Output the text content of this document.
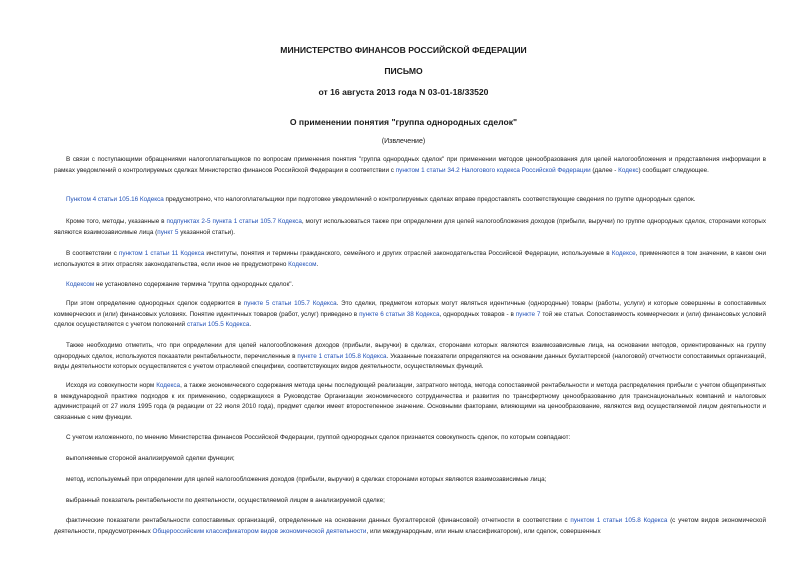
МИНИСТЕРСТВО ФИНАНСОВ РОССИЙСКОЙ ФЕДЕРАЦИИ
ПИСЬМО
от 16 августа 2013 года N 03-01-18/33520
О применении понятия "группа однородных сделок"
(Извлечение)
В связи с поступающими обращениями налогоплательщиков по вопросам применения понятия "группа однородных сделок" при применении методов ценообразования для целей налогообложения и представления информации в рамках уведомлений о контролируемых сделках Министерство финансов Российской Федерации в соответствии с пунктом 1 статьи 34.2 Налогового кодекса Российской Федерации (далее - Кодекс) сообщает следующее.
Пунктом 4 статьи 105.16 Кодекса предусмотрено, что налогоплательщики при подготовке уведомлений о контролируемых сделках вправе предоставлять соответствующие сведения по группе однородных сделок.
Кроме того, методы, указанные в подпунктах 2-5 пункта 1 статьи 105.7 Кодекса, могут использоваться также при определении для целей налогообложения доходов (прибыли, выручки) по группе однородных сделок, сторонами которых являются взаимозависимые лица (пункт 5 указанной статьи).
В соответствии с пунктом 1 статьи 11 Кодекса институты, понятия и термины гражданского, семейного и других отраслей законодательства Российской Федерации, используемые в Кодексе, применяются в том значении, в каком они используются в этих отраслях законодательства, если иное не предусмотрено Кодексом.
Кодексом не установлено содержание термина "группа однородных сделок".
При этом определение однородных сделок содержится в пункте 5 статьи 105.7 Кодекса. Это сделки, предметом которых могут являться идентичные (однородные) товары (работы, услуги) и которые совершены в сопоставимых коммерческих и (или) финансовых условиях. Понятие идентичных товаров (работ, услуг) приведено в пункте 6 статьи 38 Кодекса, однородных товаров - в пункте 7 той же статьи. Сопоставимость коммерческих и (или) финансовых условий сделок осуществляется с учетом положений статьи 105.5 Кодекса.
Также необходимо отметить, что при определении для целей налогообложения доходов (прибыли, выручки) в сделках, сторонами которых являются взаимозависимые лица, на основании методов, ориентированных на группу однородных сделок, используются показатели рентабельности, перечисленные в пункте 1 статьи 105.8 Кодекса. Указанные показатели определяются на основании данных бухгалтерской (налоговой) отчетности сопоставимых организаций, виды деятельности которых осуществляется с учетом отраслевой специфики, соответствующих видов деятельности, осуществляемых функций.
Исходя из совокупности норм Кодекса, а также экономического содержания метода цены последующей реализации, затратного метода, метода сопоставимой рентабельности и метода распределения прибыли с учетом общепринятых в международной практике подходов к их применению, содержащихся в Руководстве Организации экономического сотрудничества и развития по трансфертному ценообразованию для транснациональных компаний и налоговых администраций от 27 июля 1995 года (в редакции от 22 июля 2010 года), предмет сделки имеет второстепенное значение. Основными факторами, влияющими на ценообразование, являются вид осуществляемой лицом деятельности и связанные с ним функции.
С учетом изложенного, по мнению Министерства финансов Российской Федерации, группой однородных сделок признается совокупность сделок, по которым совпадают:
выполняемые стороной анализируемой сделки функции;
метод, используемый при определении для целей налогообложения доходов (прибыли, выручки) в сделках сторонами которых являются взаимозависимые лица;
выбранный показатель рентабельности по деятельности, осуществляемой лицом в анализируемой сделке;
фактические показатели рентабельности сопоставимых организаций, определенные на основании данных бухгалтерской (финансовой) отчетности в соответствии с пунктом 1 статьи 105.8 Кодекса (с учетом видов экономической деятельности, предусмотренных Общероссийским классификатором видов экономической деятельности, или международным, или иным классификатором), или сделок, совершенных
